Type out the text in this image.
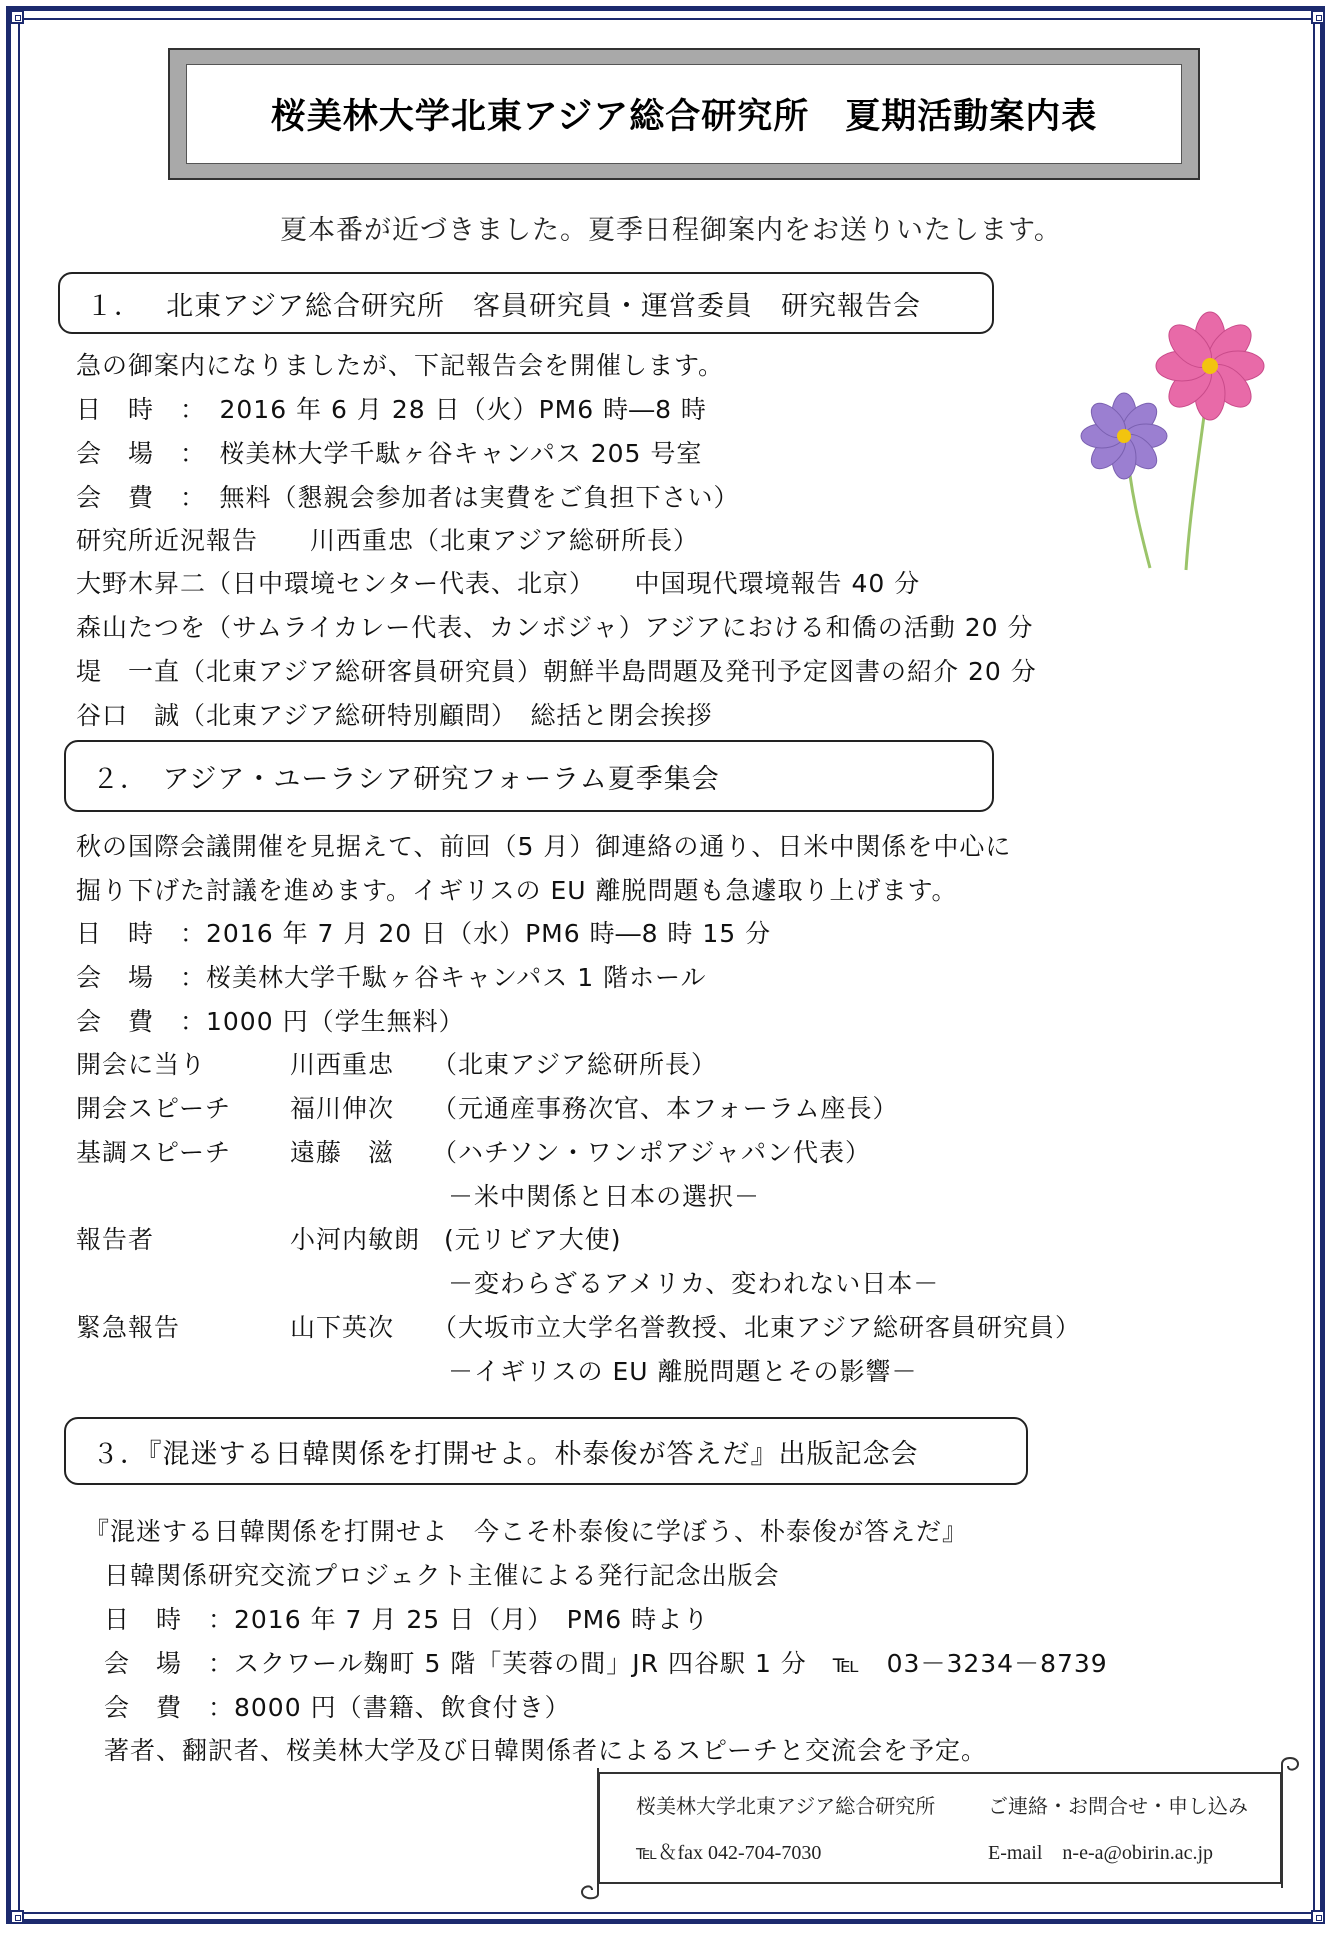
桜美林大学北東アジア総合研究所　夏期活動案内表
夏本番が近づきました。夏季日程御案内をお送りいたします。
１．　 北東アジア総合研究所　客員研究員・運営委員　研究報告会
急の御案内になりましたが、下記報告会を開催します。
日　時　：　2016 年 6 月 28 日（火）PM6 時―8 時
会　場　：　桜美林大学千駄ヶ谷キャンパス 205 号室
会　費　：　無料（懇親会参加者は実費をご負担下さい）
研究所近況報告　　川西重忠（北東アジア総研所長）
大野木昇二（日中環境センター代表、北京）　　中国現代環境報告 40 分
森山たつを（サムライカレー代表、カンボジャ）アジアにおける和僑の活動 20 分
堤　一直（北東アジア総研客員研究員）朝鮮半島問題及発刊予定図書の紹介 20 分
谷口　誠（北東アジア総研特別顧問）　総括と閉会挨拶
２．　アジア・ユーラシア研究フォーラム夏季集会
秋の国際会議開催を見据えて、前回（5 月）御連絡の通り、日米中関係を中心に
掘り下げた討議を進めます。イギリスの EU 離脱問題も急遽取り上げます。
日　時　：2016 年 7 月 20 日（水）PM6 時―8 時 15 分
会　場　：桜美林大学千駄ヶ谷キャンパス 1 階ホール
会　費　：1000 円（学生無料）
開会に当り	川西重忠 （北東アジア総研所長）
開会スピーチ 福川伸次 （元通産事務次官、本フォーラム座長）
基調スピーチ 遠藤　滋 （ハチソン・ワンポアジャパン代表）
－米中関係と日本の選択－
報告者	小河内敏朗 (元リビア大使)
－変わらざるアメリカ、変われない日本－
緊急報告	山下英次 （大坂市立大学名誉教授、北東アジア総研客員研究員）
－イギリスの EU 離脱問題とその影響－
３．『混迷する日韓関係を打開せよ。朴泰俊が答えだ』出版記念会
『混迷する日韓関係を打開せよ　今こそ朴泰俊に学ぼう、朴泰俊が答えだ』
日韓関係研究交流プロジェクト主催による発行記念出版会
日　時　：2016 年 7 月 25 日（月）　PM6 時より
会　場　：スクワール麹町 5 階「芙蓉の間」JR 四谷駅 1 分　℡　03－3234－8739
会　費　：8000 円（書籍、飲食付き）
著者、翻訳者、桜美林大学及び日韓関係者によるスピーチと交流会を予定。
桜美林大学北東アジア総合研究所	ご連絡・お問合せ・申し込み
℡＆fax 042-704-7030	E-mail　n-e-a@obirin.ac.jp
